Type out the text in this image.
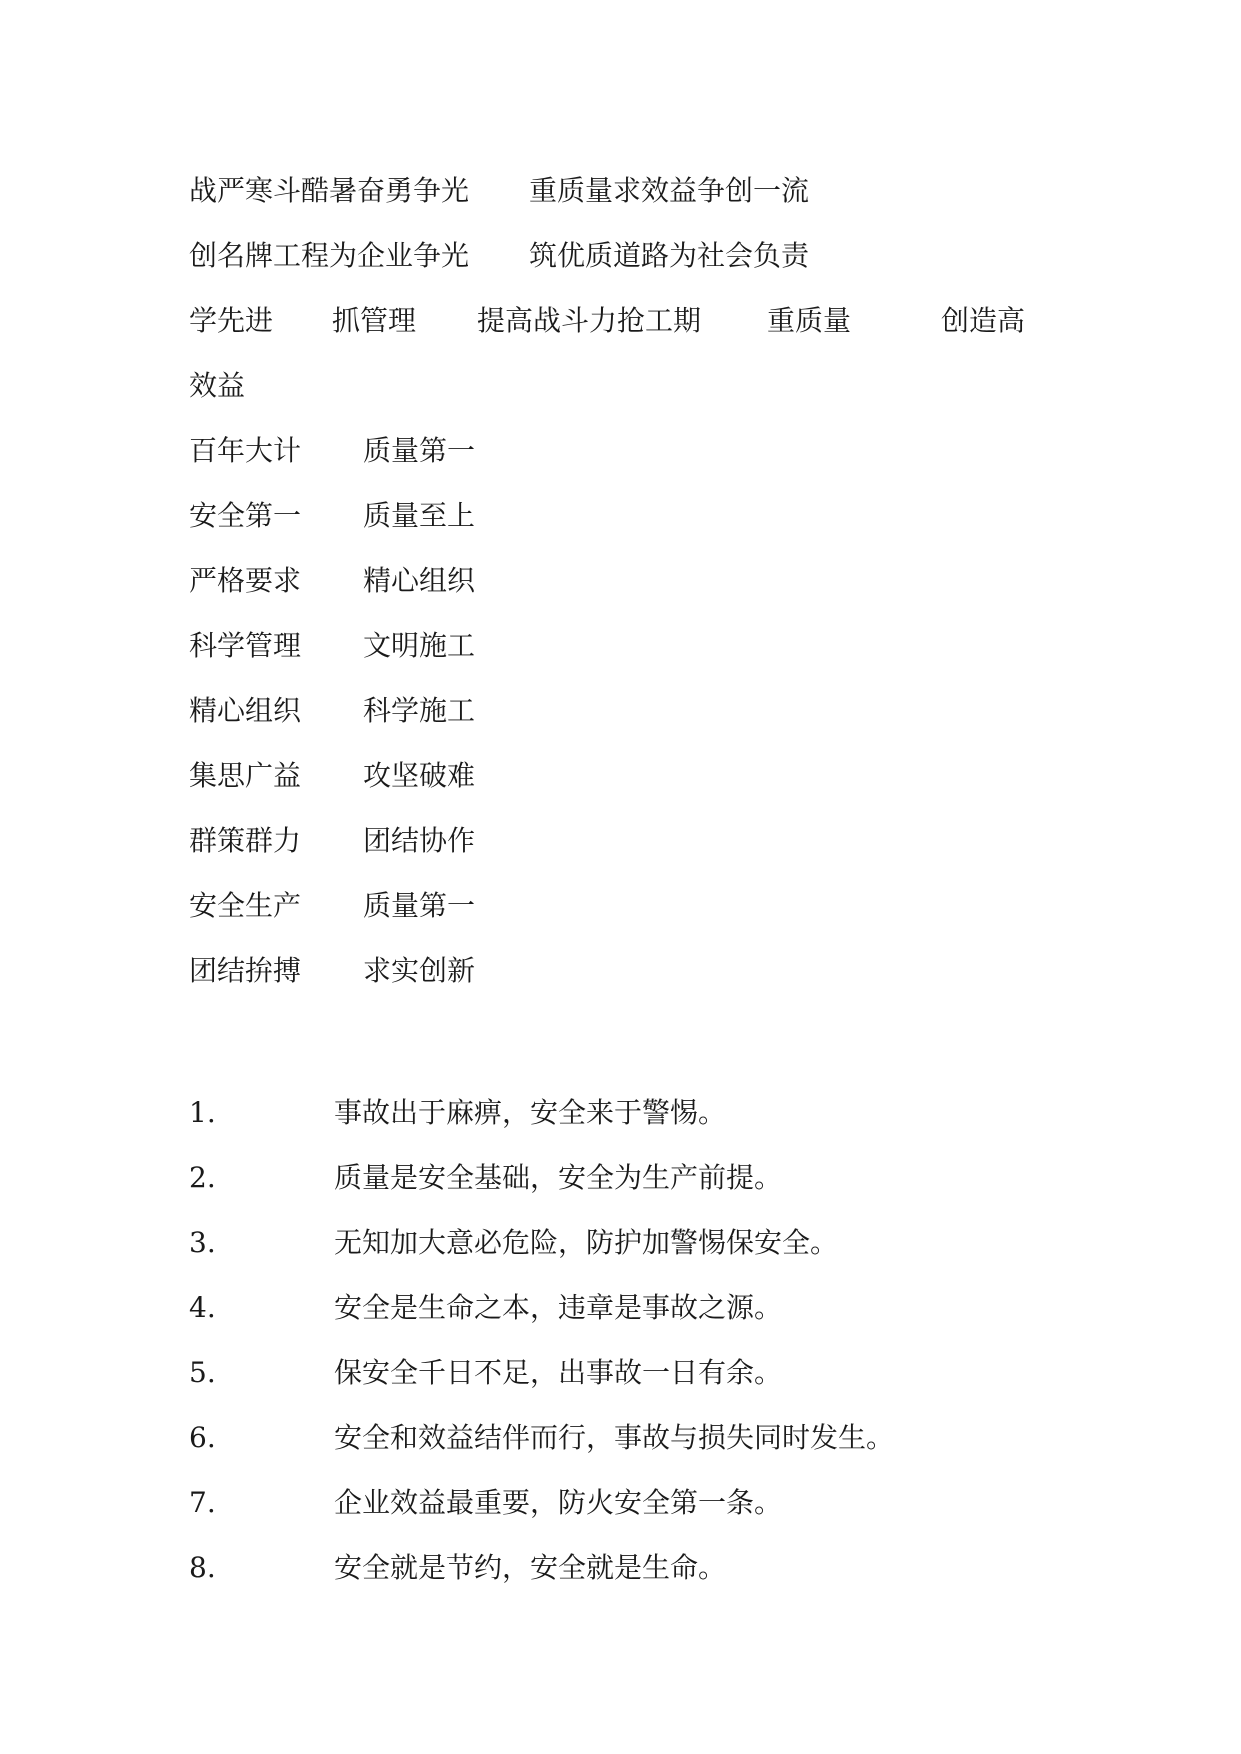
战严寒斗酷暑奋勇争光 重质量求效益争创一流
创名牌工程为企业争光 筑优质道路为社会负责
学先进 抓管理 提高战斗力抢工期 重质量	创造高
效益
百年大计	质量第一
安全第一	质量至上
严格要求	精心组织
科学管理	文明施工
精心组织	科学施工
集思广益	攻坚破难
群策群力	团结协作
安全生产	质量第一
团结拚搏	求实创新
1.	事故出于麻痹，安全来于警惕。
2.	质量是安全基础，安全为生产前提。
3.	无知加大意必危险，防护加警惕保安全。
4.	安全是生命之本，违章是事故之源。
5.	保安全千日不足，出事故一日有余。
6.	安全和效益结伴而行，事故与损失同时发生。
7.	企业效益最重要，防火安全第一条。
8.	安全就是节约，安全就是生命。
